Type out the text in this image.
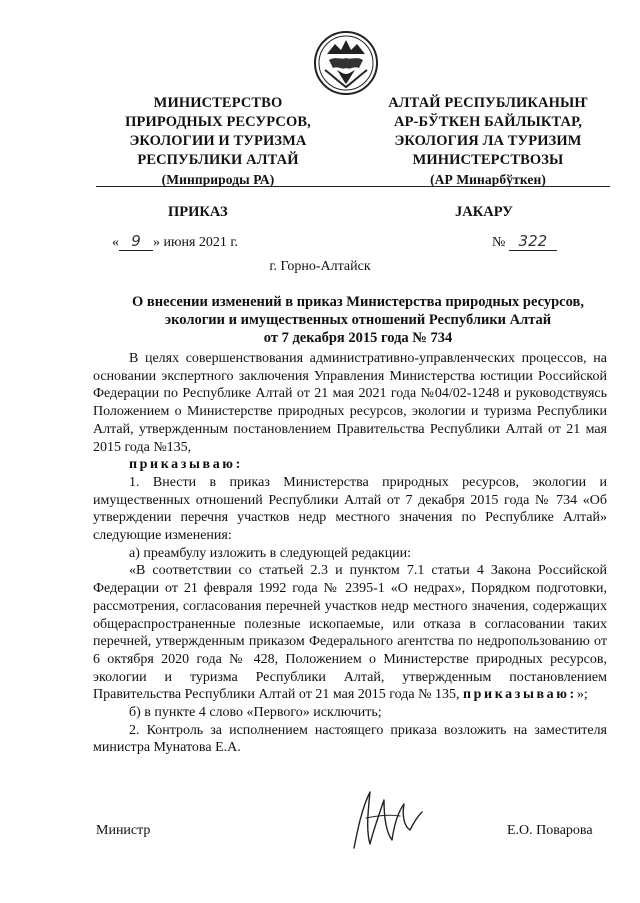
МИНИСТЕРСТВО
ПРИРОДНЫХ РЕСУРСОВ,
ЭКОЛОГИИ И ТУРИЗМА
РЕСПУБЛИКИ АЛТАЙ
(Минприроды РА)
АЛТАЙ РЕСПУБЛИКАНЫҤ
АР-БЎТКЕН БАЙЛЫКТАР,
ЭКОЛОГИЯ ЛА ТУРИЗИМ
МИНИСТЕРСТВОЗЫ
(АР Минарбўткен)
ПРИКАЗ	JАКАРУ
« 9 » июня 2021 г.	№ 322
г. Горно-Алтайск
О внесении изменений в приказ Министерства природных ресурсов,
экологии и имущественных отношений Республики Алтай
от 7 декабря 2015 года № 734

В целях совершенствования административно-управленческих процессов, на основании экспертного заключения Управления Министерства юстиции Российской Федерации по Республике Алтай от 21 мая 2021 года №04/02-1248 и руководствуясь Положением о Министерстве природных ресурсов, экологии и туризма Республики Алтай, утвержденным постановлением Правительства Республики Алтай от 21 мая 2015 года №135,

приказываю:

1. Внести в приказ Министерства природных ресурсов, экологии и имущественных отношений Республики Алтай от 7 декабря 2015 года № 734 «Об утверждении перечня участков недр местного значения по Республике Алтай» следующие изменения:

а) преамбулу изложить в следующей редакции:

«В соответствии со статьей 2.3 и пунктом 7.1 статьи 4 Закона Российской Федерации от 21 февраля 1992 года № 2395-1 «О недрах», Порядком подготовки, рассмотрения, согласования перечней участков недр местного значения, содержащих общераспространенные полезные ископаемые, или отказа в согласовании таких перечней, утвержденным приказом Федерального агентства по недропользованию от 6 октября 2020 года № 428, Положением о Министерстве природных ресурсов, экологии и туризма Республики Алтай, утвержденным постановлением Правительства Республики Алтай от 21 мая 2015 года № 135, приказываю:»;

б) в пункте 4 слово «Первого» исключить;

2. Контроль за исполнением настоящего приказа возложить на заместителя министра Мунатова Е.А.

Министр	Е.О. Поварова
